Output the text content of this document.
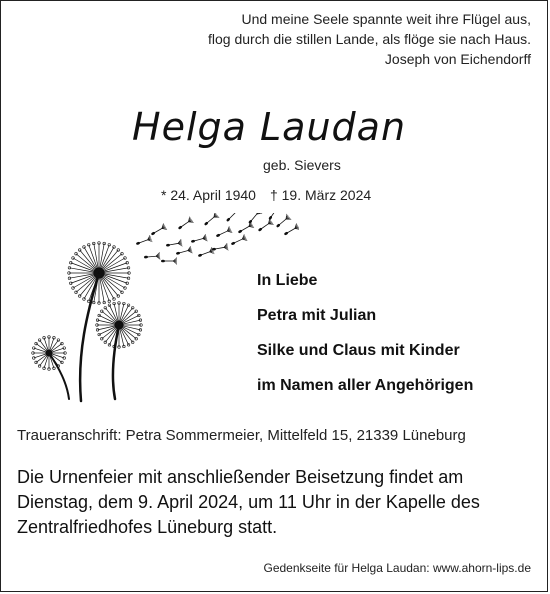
Und meine Seele spannte weit ihre Flügel aus,
flog durch die stillen Lande, als flöge sie nach Haus.
Joseph von Eichendorff
Helga Laudan
geb. Sievers
* 24. April 1940 † 19. März 2024
In Liebe
Petra mit Julian
Silke und Claus mit Kinder
im Namen aller Angehörigen
Traueranschrift: Petra Sommermeier, Mittelfeld 15, 21339 Lüneburg
Die Urnenfeier mit anschließender Beisetzung findet am
Dienstag, dem 9. April 2024, um 11 Uhr in der Kapelle des
Zentralfriedhofes Lüneburg statt.
Gedenkseite für Helga Laudan: www.ahorn-lips.de
